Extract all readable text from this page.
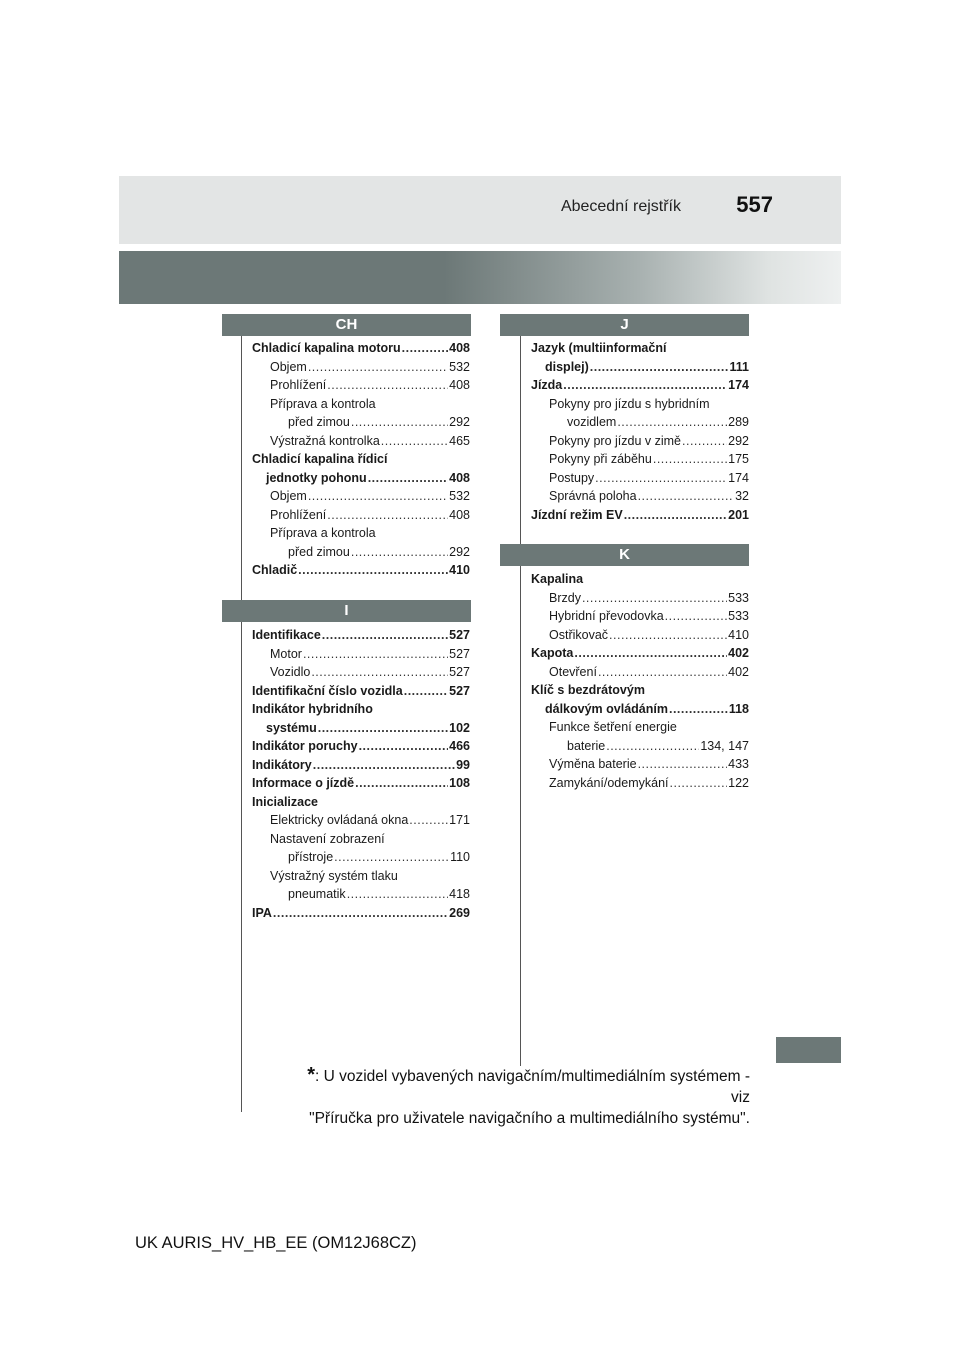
Abecední rejstřík	557
CH
Chladicí kapalina motoru .....	408
Objem .....	532
Prohlížení .....	408
Příprava a kontrola
před zimou .....	292
Výstražná kontrolka .....	465
Chladicí kapalina řídicí
jednotky pohonu .....	408
Objem .....	532
Prohlížení .....	408
Příprava a kontrola
před zimou .....	292
Chladič .....	410
I
Identifikace .....	527
Motor .....	527
Vozidlo .....	527
Identifikační číslo vozidla .....	527
Indikátor hybridního
systému .....	102
Indikátor poruchy .....	466
Indikátory .....	99
Informace o jízdě .....	108
Inicializace
Elektricky ovládaná okna .....	171
Nastavení zobrazení
přístroje .....	110
Výstražný systém tlaku
pneumatik .....	418
IPA .....	269
J
Jazyk (multiinformační
displej) .....	111
Jízda .....	174
Pokyny pro jízdu s hybridním
vozidlem .....	289
Pokyny pro jízdu v zimě .....	292
Pokyny při záběhu .....	175
Postupy .....	174
Správná poloha .....	32
Jízdní režim EV .....	201
K
Kapalina
Brzdy .....	533
Hybridní převodovka .....	533
Ostřikovač .....	410
Kapota .....	402
Otevření .....	402
Klíč s bezdrátovým
dálkovým ovládáním .....	118
Funkce šetření energie
baterie .....	134, 147
Výměna baterie .....	433
Zamykání/odemykání .....	122
*: U vozidel vybavených navigačním/multimediálním systémem - viz
"Příručka pro uživatele navigačního a multimediálního systému".
UK AURIS_HV_HB_EE (OM12J68CZ)
